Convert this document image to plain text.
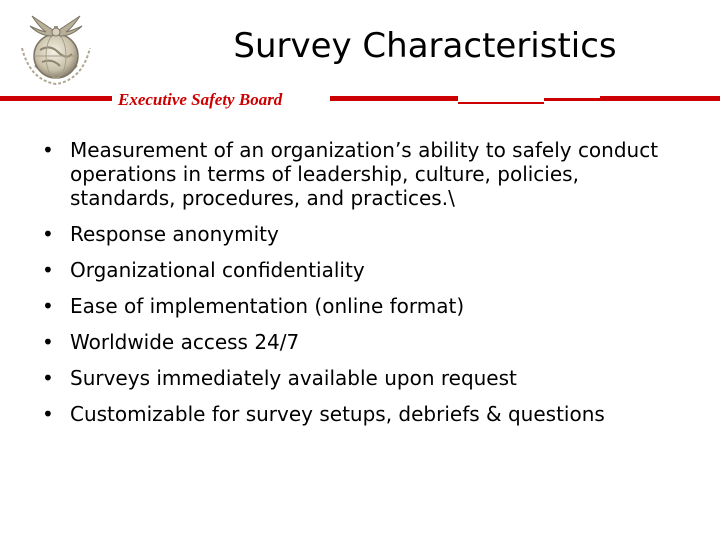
Survey Characteristics
Executive Safety Board
• Measurement of an organization’s ability to safely conduct operations in terms of leadership, culture, policies, standards, procedures, and practices.\
• Response anonymity
• Organizational confidentiality
• Ease of implementation (online format)
• Worldwide access 24/7
• Surveys immediately available upon request
• Customizable for survey setups, debriefs & questions
